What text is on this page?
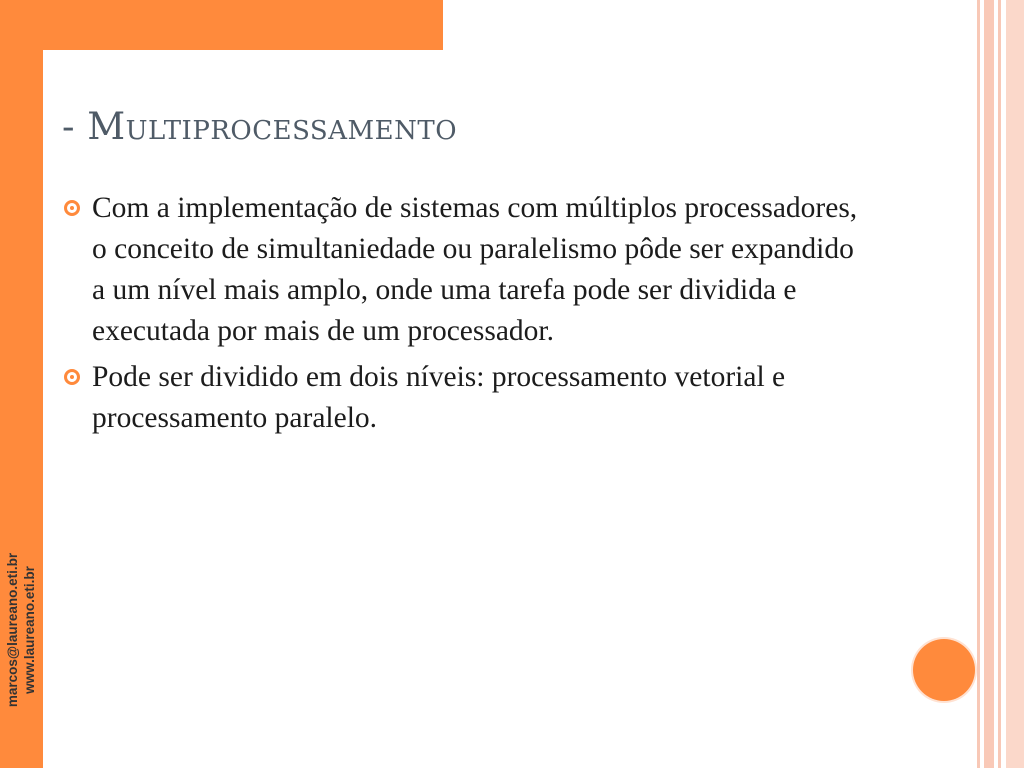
marcos@laureano.eti.br www.laureano.eti.br
- Multiprocessamento
Com a implementação de sistemas com múltiplos processadores, o conceito de simultaniedade ou paralelismo pôde ser expandido a um nível mais amplo, onde uma tarefa pode ser dividida e executada por mais de um processador.
Pode ser dividido em dois níveis: processamento vetorial e processamento paralelo.
